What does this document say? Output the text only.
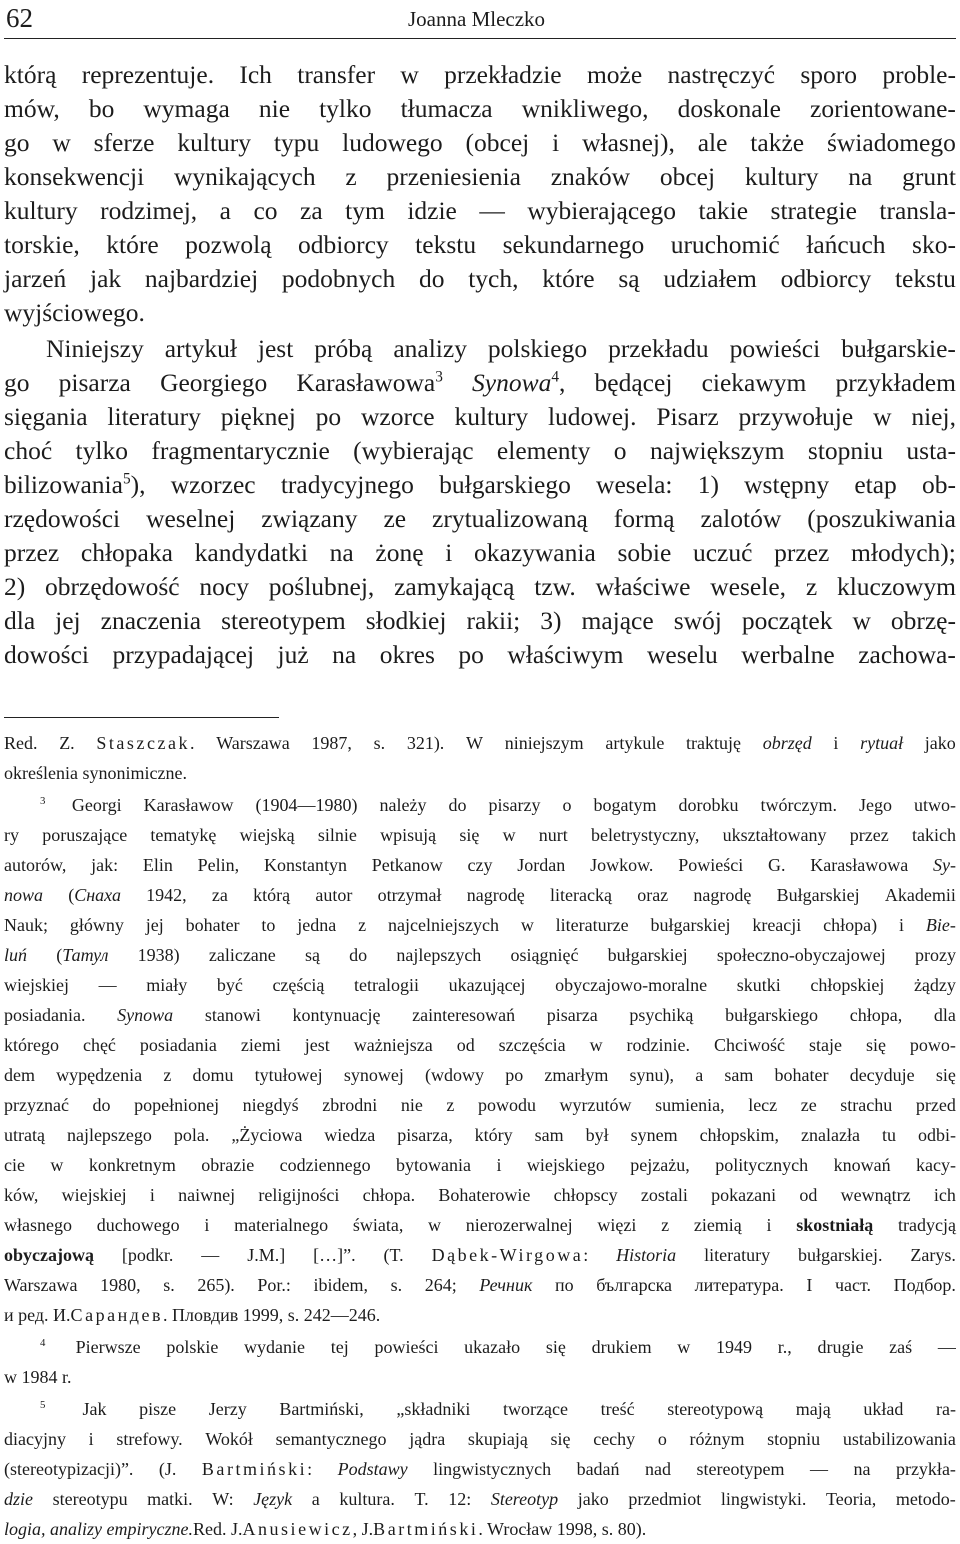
62	Joanna Mleczko
którą reprezentuje. Ich transfer w przekładzie może nastręczyć sporo proble-
mów, bo wymaga nie tylko tłumacza wnikliwego, doskonale zorientowane-
go w sferze kultury typu ludowego (obcej i własnej), ale także świadomego
konsekwencji wynikających z przeniesienia znaków obcej kultury na grunt
kultury rodzimej, a co za tym idzie — wybierającego takie strategie transla-
torskie, które pozwolą odbiorcy tekstu sekundarnego uruchomić łańcuch sko-
jarzeń jak najbardziej podobnych do tych, które są udziałem odbiorcy tekstu
wyjściowego.
Niniejszy artykuł jest próbą analizy polskiego przekładu powieści bułgarskie-
go pisarza Georgiego Karasławowa$^3$ Synowa$^4$, będącej ciekawym przykładem
sięgania literatury pięknej po wzorce kultury ludowej. Pisarz przywołuje w niej,
choć tylko fragmentarycznie (wybierając elementy o największym stopniu usta-
bilizowania$^5$), wzorzec tradycyjnego bułgarskiego wesela: 1) wstępny etap ob-
rzędowości weselnej związany ze zrytualizowaną formą zalotów (poszukiwania
przez chłopaka kandydatki na żonę i okazywania sobie uczuć przez młodych);
2) obrzędowość nocy poślubnej, zamykającą tzw. właściwe wesele, z kluczowym
dla jej znaczenia stereotypem słodkiej rakii; 3) mające swój początek w obrzę-
dowości przypadającej już na okres po właściwym weselu werbalne zachowa-
Red. Z. Staszczak. Warszawa 1987, s. 321). W niniejszym artykule traktuję obrzęd i rytuał jako
określenia synonimiczne.
$^3$ Georgi Karasławow (1904—1980) należy do pisarzy o bogatym dorobku twórczym. Jego utwo-
ry poruszające tematykę wiejską silnie wpisują się w nurt beletrystyczny, ukształtowany przez takich
autorów, jak: Elin Pelin, Konstantyn Petkanow czy Jordan Jowkow. Powieści G. Karasławowa Sy-
nowa (Снаха 1942, za którą autor otrzymał nagrodę literacką oraz nagrodę Bułgarskiej Akademii
Nauk; główny jej bohater to jedna z najcelniejszych w literaturze bułgarskiej kreacji chłopa) i Bie-
luń (Татул 1938) zaliczane są do najlepszych osiągnięć bułgarskiej społeczno-obyczajowej prozy
wiejskiej — miały być częścią tetralogii ukazującej obyczajowo-moralne skutki chłopskiej żądzy
posiadania. Synowa stanowi kontynuację zainteresowań pisarza psychiką bułgarskiego chłopa, dla
którego chęć posiadania ziemi jest ważniejsza od szczęścia w rodzinie. Chciwość staje się powo-
dem wypędzenia z domu tytułowej synowej (wdowy po zmarłym synu), a sam bohater decyduje się
przyznać do popełnionej niegdyś zbrodni nie z powodu wyrzutów sumienia, lecz ze strachu przed
utratą najlepszego pola. „Życiowa wiedza pisarza, który sam był synem chłopskim, znalazła tu odbi-
cie w konkretnym obrazie codziennego bytowania i wiejskiego pejzażu, politycznych knowań kacy-
ków, wiejskiej i naiwnej religijności chłopa. Bohaterowie chłopscy zostali pokazani od wewnątrz ich
własnego duchowego i materialnego świata, w nierozerwalnej więzi z ziemią i skostniałą tradycją
obyczajową [podkr. — J.M.] […]”. (T. Dąbek-Wirgowa: Historia literatury bułgarskiej. Zarys.
Warszawa 1980, s. 265). Por.: ibidem, s. 264; Речник по българска литература. I част. Подбор.
и ред. И. Сарандев . Пловдив 1999, s. 242—246.
$^4$ Pierwsze polskie wydanie tej powieści ukazało się drukiem w 1949 r., drugie zaś —
w 1984 r.
$^5$ Jak pisze Jerzy Bartmiński, „składniki tworzące treść stereotypową mają układ ra-
diacyjny i strefowy. Wokół semantycznego jądra skupiają się cechy o różnym stopniu ustabilizowania
(stereotypizacji)”. (J. Bartmiński: Podstawy lingwistycznych badań nad stereotypem — na przykła-
dzie stereotypu matki. W: Język a kultura. T. 12: Stereotyp jako przedmiot lingwistyki. Teoria, metodo-
logia, analizy empiryczne. Red. J. Anusiewicz , J. Bartmiński . Wrocław 1998, s. 80).
